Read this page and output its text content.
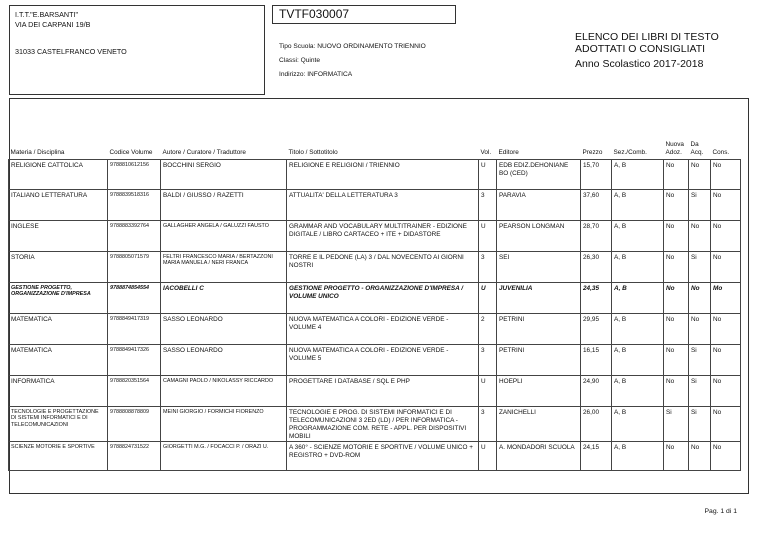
I.T.T."E.BARSANTI"
VIA DEI CARPANI 19/B
31033 CASTELFRANCO VENETO
TVTF030007
Tipo Scuola: NUOVO ORDINAMENTO TRIENNIO
Classi: Quinte
Indirizzo: INFORMATICA
ELENCO DEI LIBRI DI TESTO
ADOTTATI O CONSIGLIATI
Anno Scolastico 2017-2018
Materia / Disciplina	Codice Volume	Autore / Curatore / Traduttore	Titolo / Sottotitolo	Vol.	Editore	Prezzo	Sez./Comb.	Nuova Adoz.	Da Acq.	Cons.
RELIGIONE CATTOLICA	9788810612156	BOCCHINI SERGIO	RELIGIONE E RELIGIONI / TRIENNIO	U	EDB EDIZ.DEHONIANE BO (CED)	15,70	A, B	No	No	No
ITALIANO LETTERATURA	9788839518316	BALDI / GIUSSO / RAZETTI	ATTUALITA' DELLA LETTERATURA 3	3	PARAVIA	37,60	A, B	No	Si	No
INGLESE	9788883392764	GALLAGHER ANGELA / GALUZZI FAUSTO	GRAMMAR AND VOCABULARY MULTITRAINER - EDIZIONE DIGITALE / LIBRO CARTACEO + ITE + DIDASTORE	U	PEARSON LONGMAN	28,70	A, B	No	No	No
STORIA	9788805071579	FELTRI FRANCESCO MARIA / BERTAZZONI MARIA MANUELA / NERI FRANCA	TORRE E IL PEDONE (LA) 3 / DAL NOVECENTO AI GIORNI NOSTRI	3	SEI	26,30	A, B	No	Si	No
GESTIONE PROGETTO, ORGANIZZAZIONE D'IMPRESA	9788874854554	IACOBELLI C	GESTIONE PROGETTO - ORGANIZZAZIONE D'IMPRESA / VOLUME UNICO	U	JUVENILIA	24,35	A, B	No	No	Mo
MATEMATICA	9788849417319	SASSO LEONARDO	NUOVA MATEMATICA A COLORI - EDIZIONE VERDE - VOLUME 4	2	PETRINI	29,95	A, B	No	No	No
MATEMATICA	9788849417326	SASSO LEONARDO	NUOVA MATEMATICA A COLORI - EDIZIONE VERDE - VOLUME 5	3	PETRINI	16,15	A, B	No	Si	No
INFORMATICA	9788820351564	CAMAGNI PAOLO / NIKOLASSY RICCARDO	PROGETTARE I DATABASE / SQL E PHP	U	HOEPLI	24,90	A, B	No	Si	No
TECNOLOGIE E PROGETTAZIONE DI SISTEMI INFORMATICI E DI TELECOMUNICAZIONI	9788808878809	MEINI GIORGIO / FORMICHI FIORENZO	TECNOLOGIE E PROG. DI SISTEMI INFORMATICI E DI TELECOMUNICAZIONI 3 2ED (LD) / PER INFORMATICA - PROGRAMMAZIONE COM. RETE - APPL. PER DISPOSITIVI MOBILI	3	ZANICHELLI	26,00	A, B	Si	Si	No
SCIENZE MOTORIE E SPORTIVE	9788824731522	GIORGETTI M.G. / FOCACCI P. / ORAZI U.	A 360° - SCIENZE MOTORIE E SPORTIVE / VOLUME UNICO + REGISTRO + DVD-ROM	U	A. MONDADORI SCUOLA	24,15	A, B	No	No	No
Pag. 1 di 1
